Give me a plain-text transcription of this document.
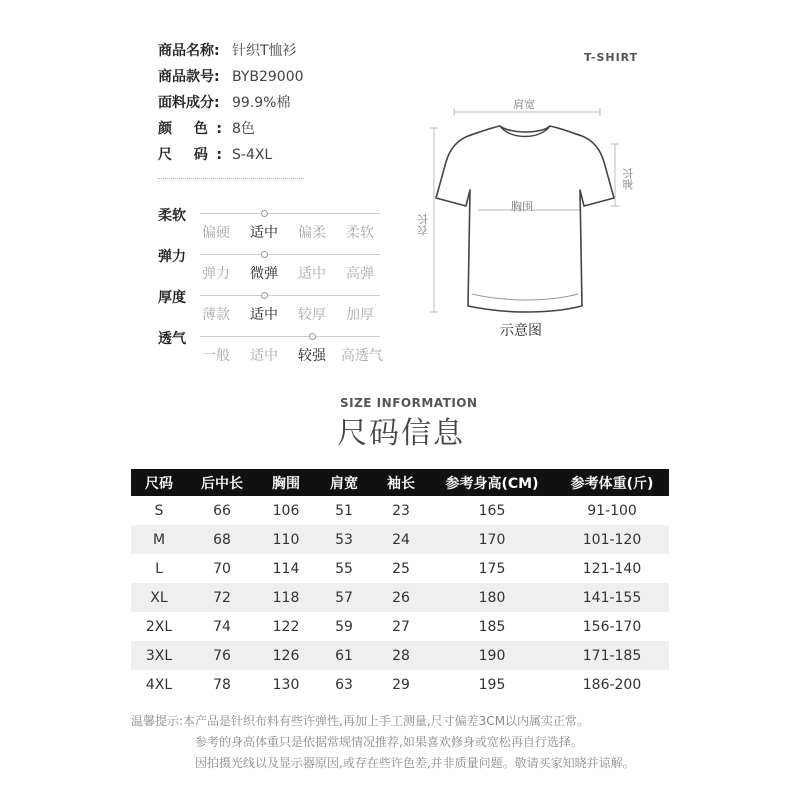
商品名称: 针织T恤衫
商品款号: BYB29000
面料成分: 99.9%棉
颜 色: 8色
尺 码: S-4XL
柔软
偏硬	适中	偏柔	柔软
弹力
弹力	微弹	适中	高弹
厚度
薄款	适中	较厚	加厚
透气
一般	适中	较强	高透气
T-SHIRT
肩宽
胸围
衣长
袖长
示意图
SIZE INFORMATION
尺码信息
尺码	后中长	胸围	肩宽	袖长	参考身高(CM)	参考体重(斤)
S	66	106	51	23	165	91-100
M	68	110	53	24	170	101-120
L	70	114	55	25	175	121-140
XL	72	118	57	26	180	141-155
2XL	74	122	59	27	185	156-170
3XL	76	126	61	28	190	171-185
4XL	78	130	63	29	195	186-200
温馨提示:本产品是针织布料有些许弹性,再加上手工测量,尺寸偏差3CM以内属实正常。
参考的身高体重只是依据常规情况推荐,如果喜欢修身或宽松再自行选择。
因拍摄光线以及显示器原因,或存在些许色差,并非质量问题。敬请买家知晓并谅解。
